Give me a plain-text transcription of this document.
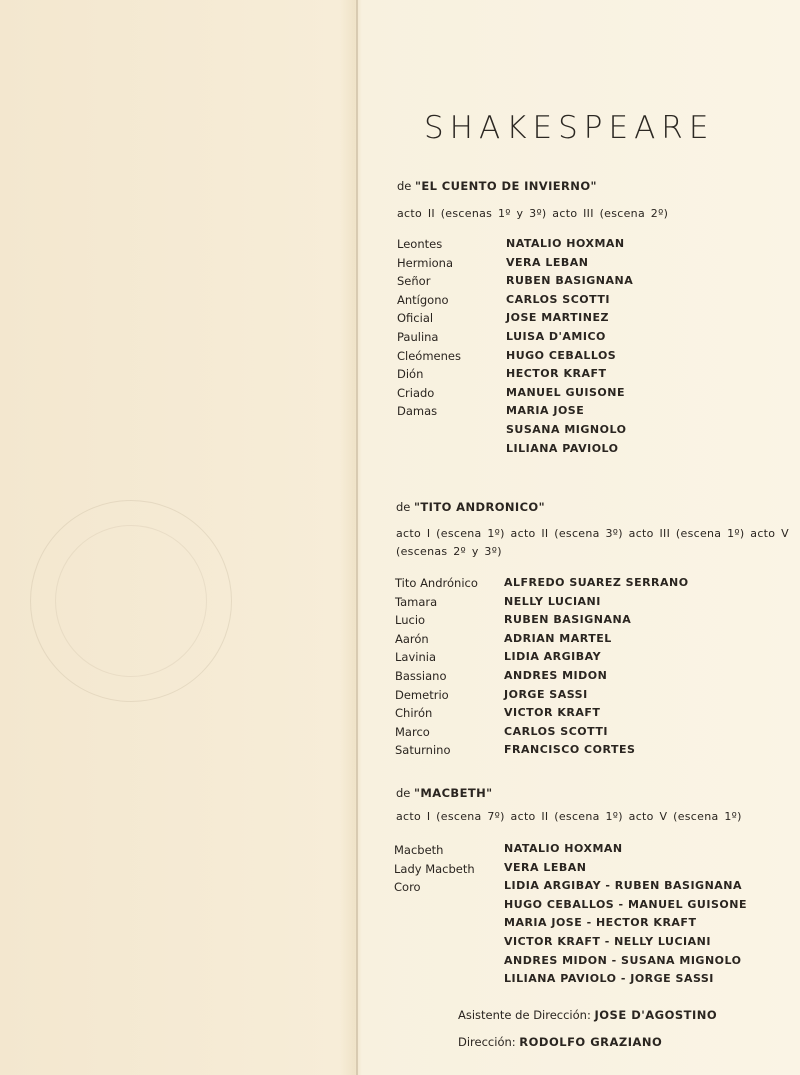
SHAKESPEARE
de "EL CUENTO DE INVIERNO"
acto II (escenas 1º y 3º) acto III (escena 2º)
Leontes
Hermiona
Señor
Antígono
Oficial
Paulina
Cleómenes
Dión
Criado
Damas
NATALIO HOXMAN
VERA LEBAN
RUBEN BASIGNANA
CARLOS SCOTTI
JOSE MARTINEZ
LUISA D'AMICO
HUGO CEBALLOS
HECTOR KRAFT
MANUEL GUISONE
MARIA JOSE
SUSANA MIGNOLO
LILIANA PAVIOLO
de "TITO ANDRONICO"
acto I (escena 1º) acto II (escena 3º) acto III (escena 1º) acto V
(escenas 2º y 3º)
Tito Andrónico
Tamara
Lucio
Aarón
Lavinia
Bassiano
Demetrio
Chirón
Marco
Saturnino
ALFREDO SUAREZ SERRANO
NELLY LUCIANI
RUBEN BASIGNANA
ADRIAN MARTEL
LIDIA ARGIBAY
ANDRES MIDON
JORGE SASSI
VICTOR KRAFT
CARLOS SCOTTI
FRANCISCO CORTES
de "MACBETH"
acto I (escena 7º) acto II (escena 1º) acto V (escena 1º)
Macbeth
Lady Macbeth
Coro
NATALIO HOXMAN
VERA LEBAN
LIDIA ARGIBAY - RUBEN BASIGNANA
HUGO CEBALLOS - MANUEL GUISONE
MARIA JOSE - HECTOR KRAFT
VICTOR KRAFT - NELLY LUCIANI
ANDRES MIDON - SUSANA MIGNOLO
LILIANA PAVIOLO - JORGE SASSI
Asistente de Dirección: JOSE D'AGOSTINO
Dirección: RODOLFO GRAZIANO
